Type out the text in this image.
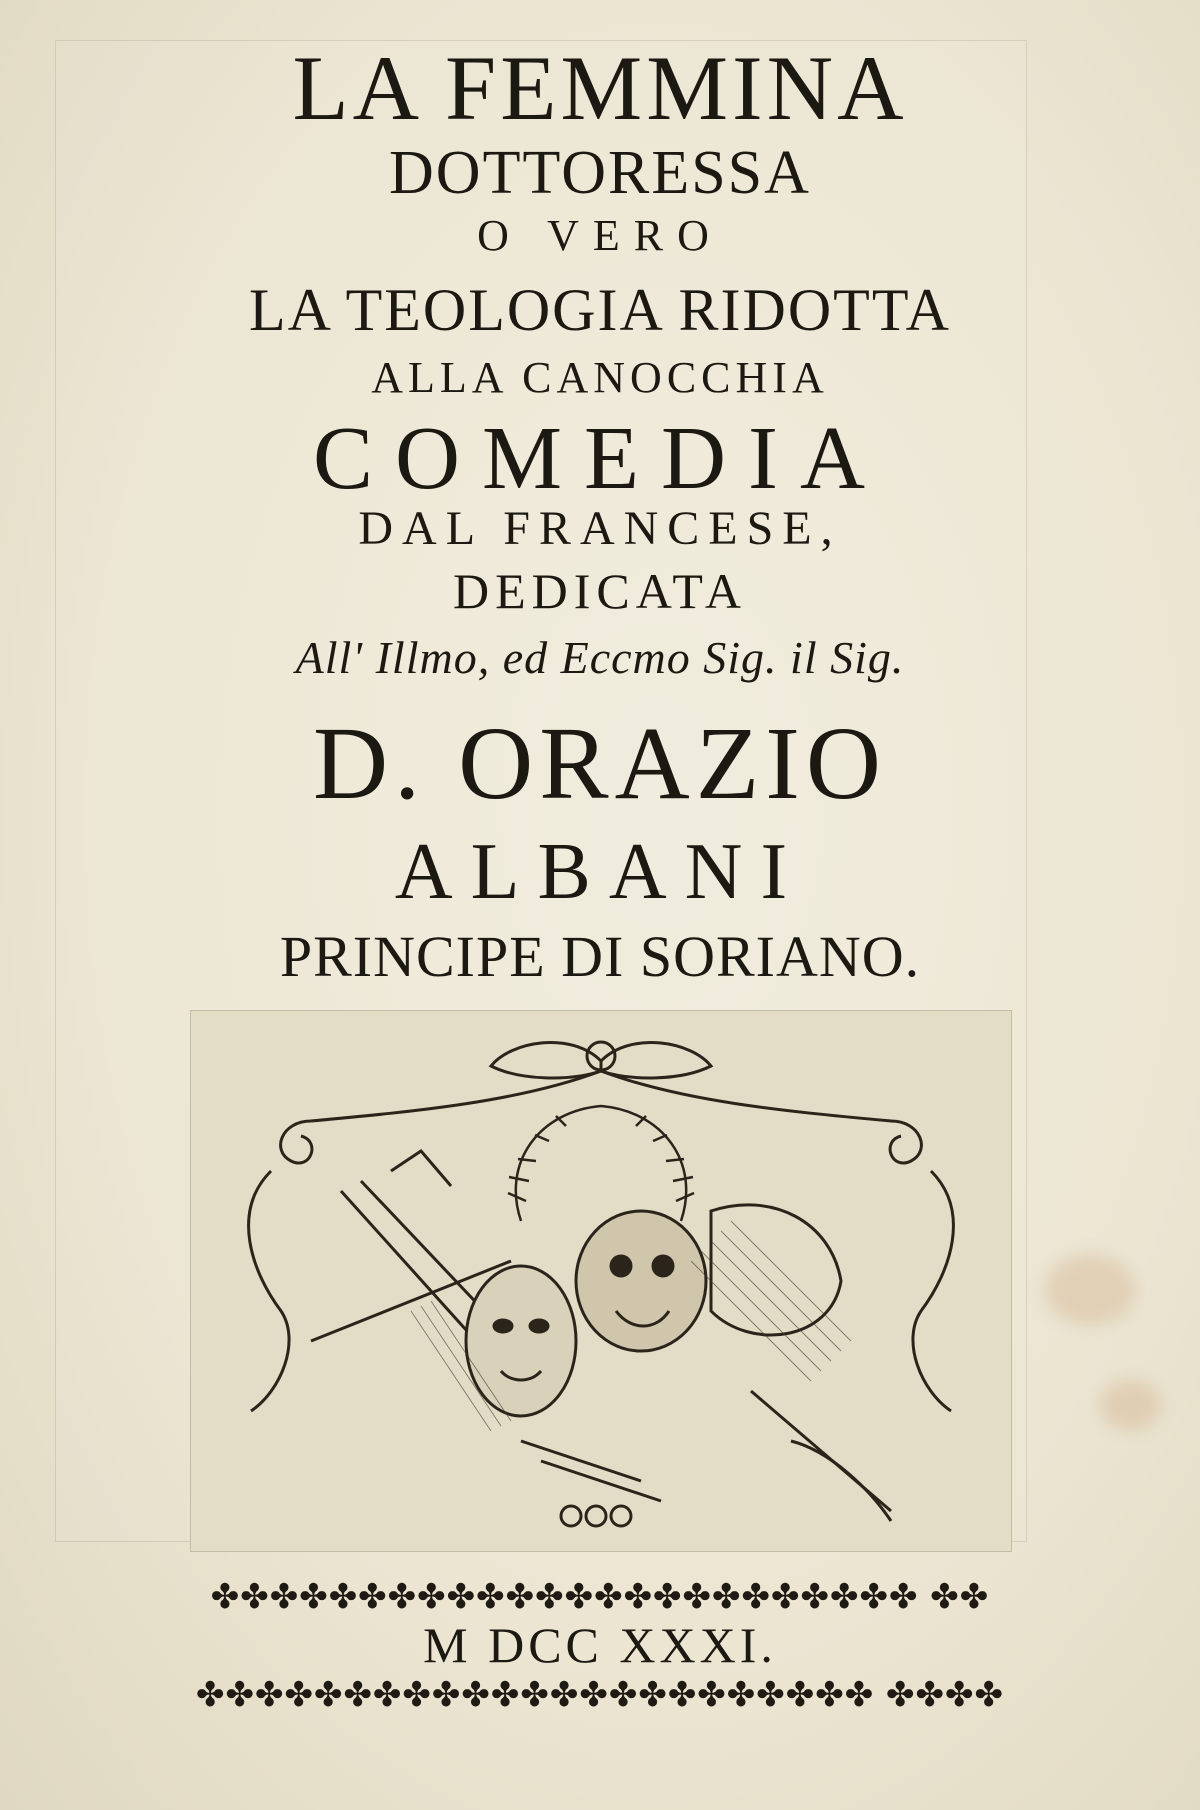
LA FEMMINA
DOTTORESSA
O VERO
LA TEOLOGIA RIDOTTA
ALLA CANOCCHIA
COMEDIA
DAL FRANCESE,
DEDICATA
All' Illmo, ed Eccmo Sig. il Sig.
D. ORAZIO
ALBANI
PRINCIPE DI SORIANO.
✤✤✤✤✤✤✤✤✤✤✤✤✤✤✤✤✤✤✤✤✤✤✤✤ ✤✤
M DCC XXXI.
✤✤✤✤✤✤✤✤✤✤✤✤✤✤✤✤✤✤✤✤✤✤✤ ✤✤✤✤
